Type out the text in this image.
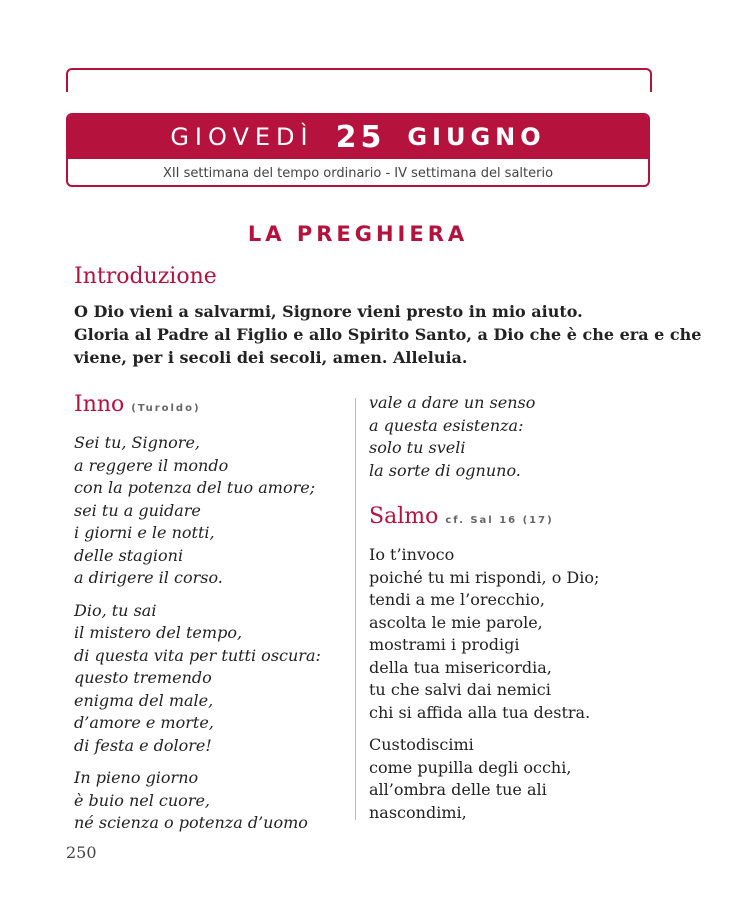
GIOVEDÌ 25 GIUGNO
XII settimana del tempo ordinario - IV settimana del salterio
LA PREGHIERA
Introduzione
O Dio vieni a salvarmi, Signore vieni presto in mio aiuto.
Gloria al Padre al Figlio e allo Spirito Santo, a Dio che è che era e che
viene, per i secoli dei secoli, amen. Alleluia.
Inno (Turoldo)
Sei tu, Signore,
a reggere il mondo
con la potenza del tuo amore;
sei tu a guidare
i giorni e le notti,
delle stagioni
a dirigere il corso.
Dio, tu sai
il mistero del tempo,
di questa vita per tutti oscura:
questo tremendo
enigma del male,
d’amore e morte,
di festa e dolore!
In pieno giorno
è buio nel cuore,
né scienza o potenza d’uomo
vale a dare un senso
a questa esistenza:
solo tu sveli
la sorte di ognuno.
Salmo cf. Sal 16 (17)
Io t’invoco
poiché tu mi rispondi, o Dio;
tendi a me l’orecchio,
ascolta le mie parole,
mostrami i prodigi
della tua misericordia,
tu che salvi dai nemici
chi si affida alla tua destra.
Custodiscimi
come pupilla degli occhi,
all’ombra delle tue ali
nascondimi,
250
